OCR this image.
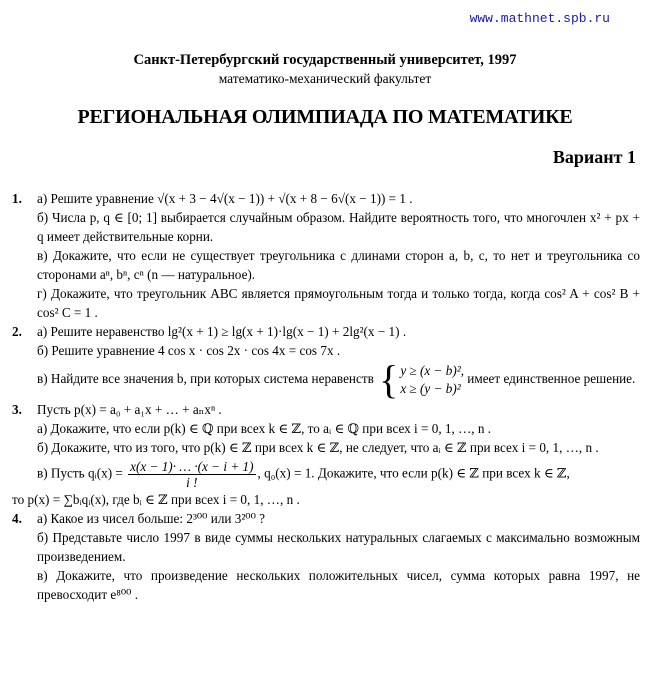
www.mathnet.spb.ru
Санкт-Петербургский государственный университет, 1997
математико-механический факультет
РЕГИОНАЛЬНАЯ ОЛИМПИАДА ПО МАТЕМАТИКЕ
Вариант 1

1. а) Решите уравнение √(x + 3 − 4√(x − 1)) + √(x + 8 − 6√(x − 1)) = 1 .

б) Числа p, q ∈ [0; 1] выбирается случайным образом. Найдите вероятность того, что многочлен x² + px + q имеет действительные корни.

в) Докажите, что если не существует треугольника с длинами сторон a, b, c, то нет и треугольника со сторонами aⁿ, bⁿ, cⁿ (n — натуральное).

г) Докажите, что треугольник ABC является прямоугольным тогда и только тогда, когда cos² A + cos² B + cos² C = 1 .

2. а) Решите неравенство lg²(x + 1) ≥ lg(x + 1)·lg(x − 1) + 2lg²(x − 1) .

б) Решите уравнение 4 cos x · cos 2x · cos 4x = cos 7x .

в) Найдите все значения b, при которых система неравенств { y ≥ (x − b)²,
x ≥ (y − b)²
имеет единственное решение.

3. Пусть p(x) = a₀ + a₁x + … + aₙxⁿ .

а) Докажите, что если p(k) ∈ ℚ при всех k ∈ ℤ, то aᵢ ∈ ℚ при всех i = 0, 1, …, n .

б) Докажите, что из того, что p(k) ∈ ℤ при всех k ∈ ℤ, не следует, что aᵢ ∈ ℤ при всех i = 0, 1, …, n .

в) Пусть qᵢ(x) = $\frac{x(x - 1)\cdot \dots \cdot(x - i + 1)}{i !}$ , q₀(x) = 1. Докажите, что если p(k) ∈ ℤ при всех k ∈ ℤ,

то p(x) = ∑bᵢqᵢ(x), где bᵢ ∈ ℤ при всех i = 0, 1, …, n .

4. а) Какое из чисел больше: 2³⁰⁰ или 3²⁰⁰ ?

б) Представьте число 1997 в виде суммы нескольких натуральных слагаемых с максимально возможным произведением.

в) Докажите, что произведение нескольких положительных чисел, сумма которых равна 1997, не превосходит e⁸⁰⁰ .
